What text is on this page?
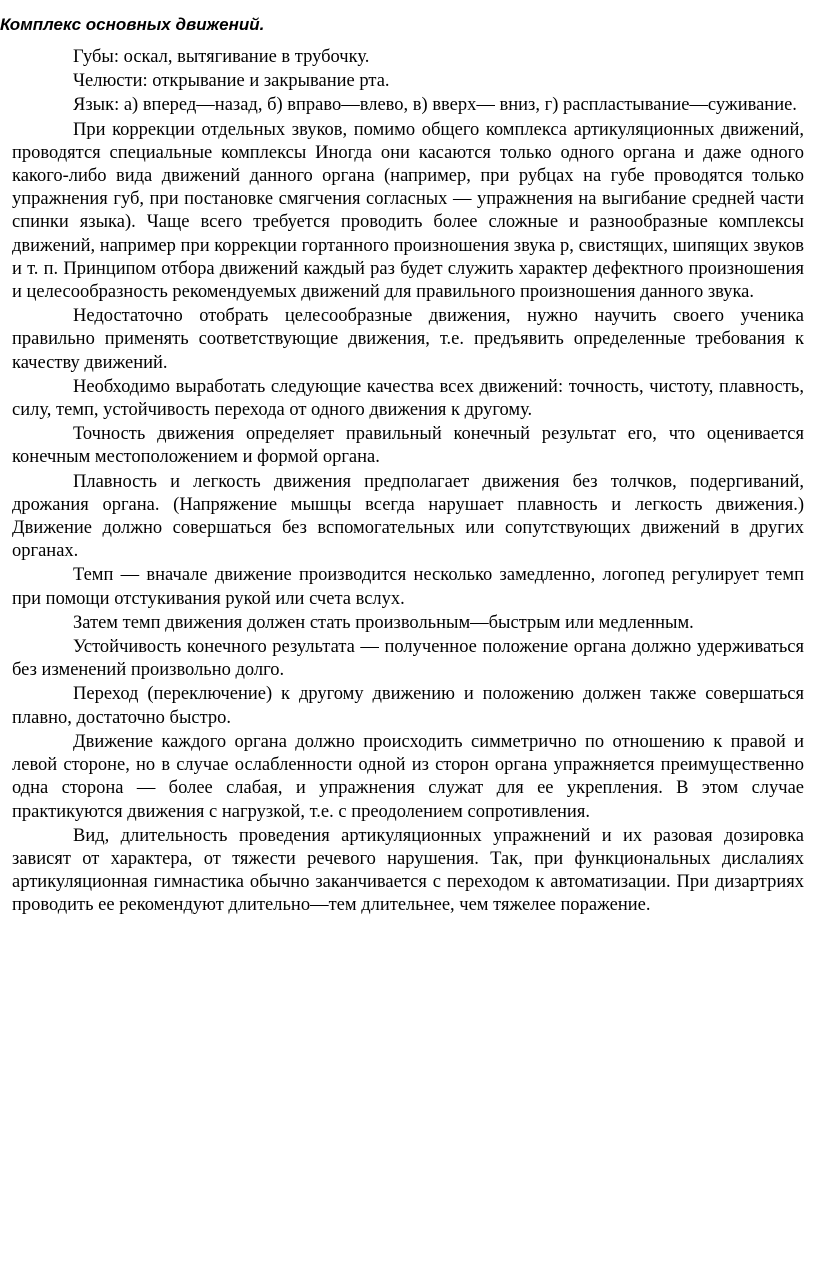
Комплекс основных движений.

Губы: оскал, вытягивание в трубочку.

Челюсти: открывание и закрывание рта.

Язык: а) вперед—назад, б) вправо—влево, в) вверх— вниз, г) распластывание—суживание.

При коррекции отдельных звуков, помимо общего комплекса артикуляционных движений, проводятся специальные комплексы Иногда они касаются только одного органа и даже одного какого-либо вида движений данного органа (например, при рубцах на губе проводятся только упражнения губ, при постановке смягчения согласных — упражнения на выгибание средней части спинки языка). Чаще всего требуется проводить более сложные и разнообразные комплексы движений, например при коррекции гортанного произношения звука р, свистящих, шипящих звуков и т. п. Принципом отбора движений каждый раз будет служить характер дефектного произношения и целесообразность рекомендуемых движений для правильного произношения данного звука.

Недостаточно отобрать целесообразные движения, нужно научить своего ученика правильно применять соответствующие движения, т.е. предъявить определенные требования к качеству движений.

Необходимо выработать следующие качества всех движений: точность, чистоту, плавность, силу, темп, устойчивость перехода от одного движения к другому.

Точность движения определяет правильный конечный результат его, что оценивается конечным местоположением и формой органа.

Плавность и легкость движения предполагает движения без толчков, подергиваний, дрожания органа. (Напряжение мышцы всегда нарушает плавность и легкость движения.) Движение должно совершаться без вспомогательных или сопутствующих движений в других органах.

Темп — вначале движение производится несколько замедленно, логопед регулирует темп при помощи отстукивания рукой или счета вслух.

Затем темп движения должен стать произвольным—быстрым или медленным.

Устойчивость конечного результата — полученное положение органа должно удерживаться без изменений произвольно долго.

Переход (переключение) к другому движению и положению должен также совершаться плавно, достаточно быстро.

Движение каждого органа должно происходить симметрично по отношению к правой и левой стороне, но в случае ослабленности одной из сторон органа упражняется преимущественно одна сторона — более слабая, и упражнения служат для ее укрепления. В этом случае практикуются движения с нагрузкой, т.е. с преодолением сопротивления.

Вид, длительность проведения артикуляционных упражнений и их разовая дозировка зависят от характера, от тяжести речевого нарушения. Так, при функциональных дислалиях артикуляционная гимнастика обычно заканчивается с переходом к автоматизации. При дизартриях проводить ее рекомендуют длительно—тем длительнее, чем тяжелее поражение.
